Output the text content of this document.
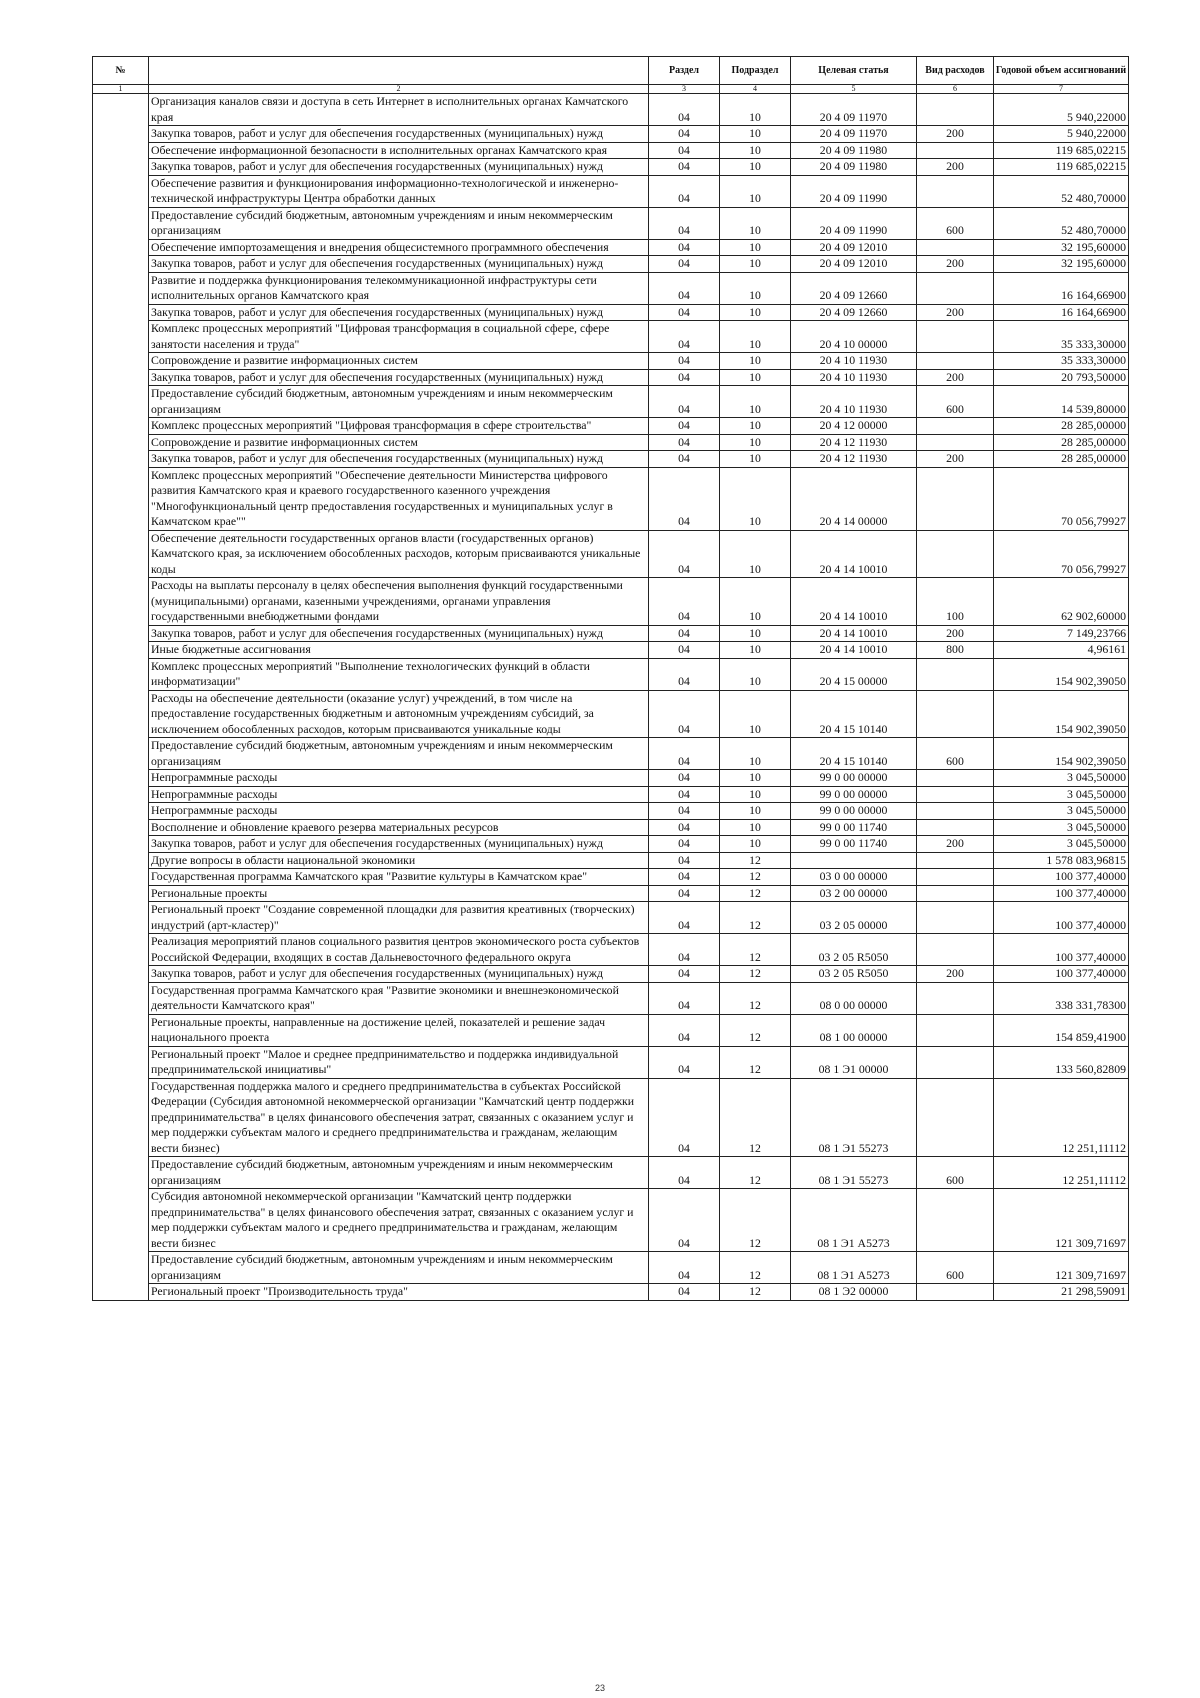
№		Раздел	Подраздел	Целевая статья	Вид расходов	Годовой объем ассигнований
1	2	3	4	5	6	7
	Организация каналов связи и доступа в сеть Интернет в исполнительных органах Камчатского края	04	10	20 4 09 11970		5 940,22000
	Закупка товаров, работ и услуг для обеспечения государственных (муниципальных) нужд	04	10	20 4 09 11970	200	5 940,22000
	Обеспечение информационной безопасности в исполнительных органах Камчатского края	04	10	20 4 09 11980		119 685,02215
	Закупка товаров, работ и услуг для обеспечения государственных (муниципальных) нужд	04	10	20 4 09 11980	200	119 685,02215
	Обеспечение развития и функционирования информационно-технологической и инженерно-технической инфраструктуры Центра обработки данных	04	10	20 4 09 11990		52 480,70000
	Предоставление субсидий бюджетным, автономным учреждениям и иным некоммерческим организациям	04	10	20 4 09 11990	600	52 480,70000
	Обеспечение импортозамещения и внедрения общесистемного программного обеспечения	04	10	20 4 09 12010		32 195,60000
	Закупка товаров, работ и услуг для обеспечения государственных (муниципальных) нужд	04	10	20 4 09 12010	200	32 195,60000
	Развитие и поддержка функционирования телекоммуникационной инфраструктуры сети исполнительных органов Камчатского края	04	10	20 4 09 12660		16 164,66900
	Закупка товаров, работ и услуг для обеспечения государственных (муниципальных) нужд	04	10	20 4 09 12660	200	16 164,66900
	Комплекс процессных мероприятий "Цифровая трансформация в социальной сфере, сфере занятости населения и труда"	04	10	20 4 10 00000		35 333,30000
	Сопровождение и развитие информационных систем	04	10	20 4 10 11930		35 333,30000
	Закупка товаров, работ и услуг для обеспечения государственных (муниципальных) нужд	04	10	20 4 10 11930	200	20 793,50000
	Предоставление субсидий бюджетным, автономным учреждениям и иным некоммерческим организациям	04	10	20 4 10 11930	600	14 539,80000
	Комплекс процессных мероприятий "Цифровая трансформация в сфере строительства"	04	10	20 4 12 00000		28 285,00000
	Сопровождение и развитие информационных систем	04	10	20 4 12 11930		28 285,00000
	Закупка товаров, работ и услуг для обеспечения государственных (муниципальных) нужд	04	10	20 4 12 11930	200	28 285,00000
	Комплекс процессных мероприятий "Обеспечение деятельности Министерства цифрового развития Камчатского края и краевого государственного казенного учреждения "Многофункциональный центр предоставления государственных и муниципальных услуг в Камчатском крае""	04	10	20 4 14 00000		70 056,79927
	Обеспечение деятельности государственных органов власти (государственных органов) Камчатского края, за исключением обособленных расходов, которым присваиваются уникальные коды	04	10	20 4 14 10010		70 056,79927
	Расходы на выплаты персоналу в целях обеспечения выполнения функций государственными (муниципальными) органами, казенными учреждениями, органами управления государственными внебюджетными фондами	04	10	20 4 14 10010	100	62 902,60000
	Закупка товаров, работ и услуг для обеспечения государственных (муниципальных) нужд	04	10	20 4 14 10010	200	7 149,23766
	Иные бюджетные ассигнования	04	10	20 4 14 10010	800	4,96161
	Комплекс процессных мероприятий "Выполнение технологических функций в области информатизации"	04	10	20 4 15 00000		154 902,39050
	Расходы на обеспечение деятельности (оказание услуг) учреждений, в том числе на предоставление государственных бюджетным и автономным учреждениям субсидий, за исключением обособленных расходов, которым присваиваются уникальные коды	04	10	20 4 15 10140		154 902,39050
	Предоставление субсидий бюджетным, автономным учреждениям и иным некоммерческим организациям	04	10	20 4 15 10140	600	154 902,39050
	Непрограммные расходы	04	10	99 0 00 00000		3 045,50000
	Непрограммные расходы	04	10	99 0 00 00000		3 045,50000
	Непрограммные расходы	04	10	99 0 00 00000		3 045,50000
	Восполнение и обновление краевого резерва материальных ресурсов	04	10	99 0 00 11740		3 045,50000
	Закупка товаров, работ и услуг для обеспечения государственных (муниципальных) нужд	04	10	99 0 00 11740	200	3 045,50000
	Другие вопросы в области национальной экономики	04	12			1 578 083,96815
	Государственная программа Камчатского края "Развитие культуры в Камчатском крае"	04	12	03 0 00 00000		100 377,40000
	Региональные проекты	04	12	03 2 00 00000		100 377,40000
	Региональный проект "Создание современной площадки для развития креативных (творческих) индустрий (арт-кластер)"	04	12	03 2 05 00000		100 377,40000
	Реализация мероприятий планов социального развития центров экономического роста субъектов Российской Федерации, входящих в состав Дальневосточного федерального округа	04	12	03 2 05 R5050		100 377,40000
	Закупка товаров, работ и услуг для обеспечения государственных (муниципальных) нужд	04	12	03 2 05 R5050	200	100 377,40000
	Государственная программа Камчатского края "Развитие экономики и внешнеэкономической деятельности Камчатского края"	04	12	08 0 00 00000		338 331,78300
	Региональные проекты, направленные на достижение целей, показателей и решение задач национального проекта	04	12	08 1 00 00000		154 859,41900
	Региональный проект "Малое и среднее предпринимательство и поддержка индивидуальной предпринимательской инициативы"	04	12	08 1 Э1 00000		133 560,82809
	Государственная поддержка малого и среднего предпринимательства в субъектах Российской Федерации (Субсидия автономной некоммерческой организации "Камчатский центр поддержки предпринимательства" в целях финансового обеспечения затрат, связанных с оказанием услуг и мер поддержки субъектам малого и среднего предпринимательства и гражданам, желающим вести бизнес)	04	12	08 1 Э1 55273		12 251,11112
	Предоставление субсидий бюджетным, автономным учреждениям и иным некоммерческим организациям	04	12	08 1 Э1 55273	600	12 251,11112
	Субсидия автономной некоммерческой организации "Камчатский центр поддержки предпринимательства" в целях финансового обеспечения затрат, связанных с оказанием услуг и мер поддержки субъектам малого и среднего предпринимательства и гражданам, желающим вести бизнес	04	12	08 1 Э1 А5273		121 309,71697
	Предоставление субсидий бюджетным, автономным учреждениям и иным некоммерческим организациям	04	12	08 1 Э1 А5273	600	121 309,71697
	Региональный проект "Производительность труда"	04	12	08 1 Э2 00000		21 298,59091
23
